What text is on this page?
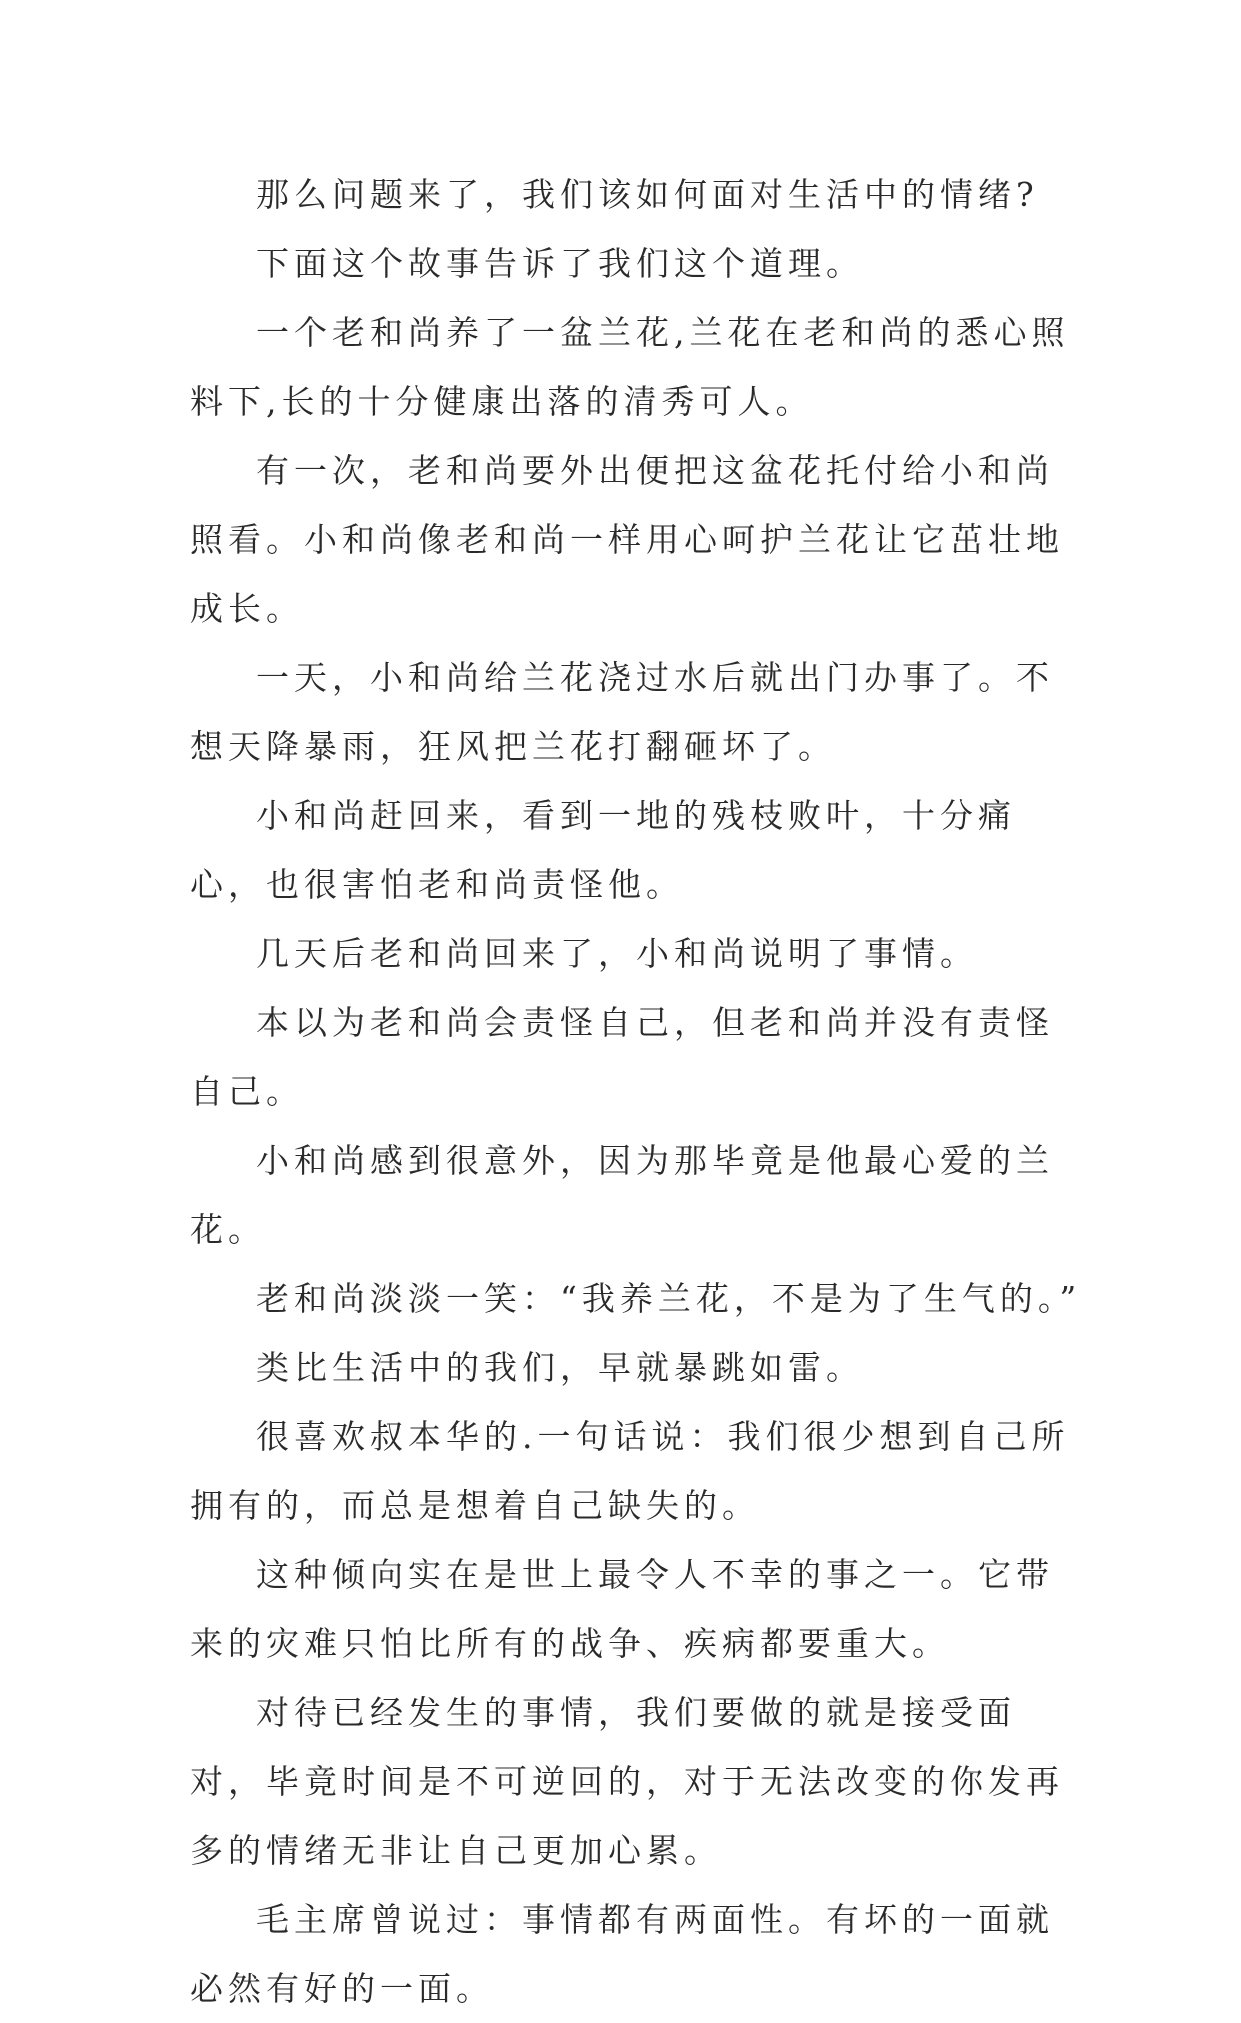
那么问题来了，我们该如何面对生活中的情绪?

下面这个故事告诉了我们这个道理。

一个老和尚养了一盆兰花,兰花在老和尚的悉心照料下,长的十分健康出落的清秀可人。

有一次，老和尚要外出便把这盆花托付给小和尚照看。小和尚像老和尚一样用心呵护兰花让它茁壮地成长。

一天，小和尚给兰花浇过水后就出门办事了。不想天降暴雨，狂风把兰花打翻砸坏了。

小和尚赶回来，看到一地的残枝败叶，十分痛心，也很害怕老和尚责怪他。

几天后老和尚回来了，小和尚说明了事情。

本以为老和尚会责怪自己，但老和尚并没有责怪自己。

小和尚感到很意外，因为那毕竟是他最心爱的兰花。

老和尚淡淡一笑：“我养兰花，不是为了生气的。”

类比生活中的我们，早就暴跳如雷。

很喜欢叔本华的.一句话说：我们很少想到自己所拥有的，而总是想着自己缺失的。

这种倾向实在是世上最令人不幸的事之一。它带来的灾难只怕比所有的战争、疾病都要重大。

对待已经发生的事情，我们要做的就是接受面对，毕竟时间是不可逆回的，对于无法改变的你发再多的情绪无非让自己更加心累。

毛主席曾说过：事情都有两面性。有坏的一面就必然有好的一面。
